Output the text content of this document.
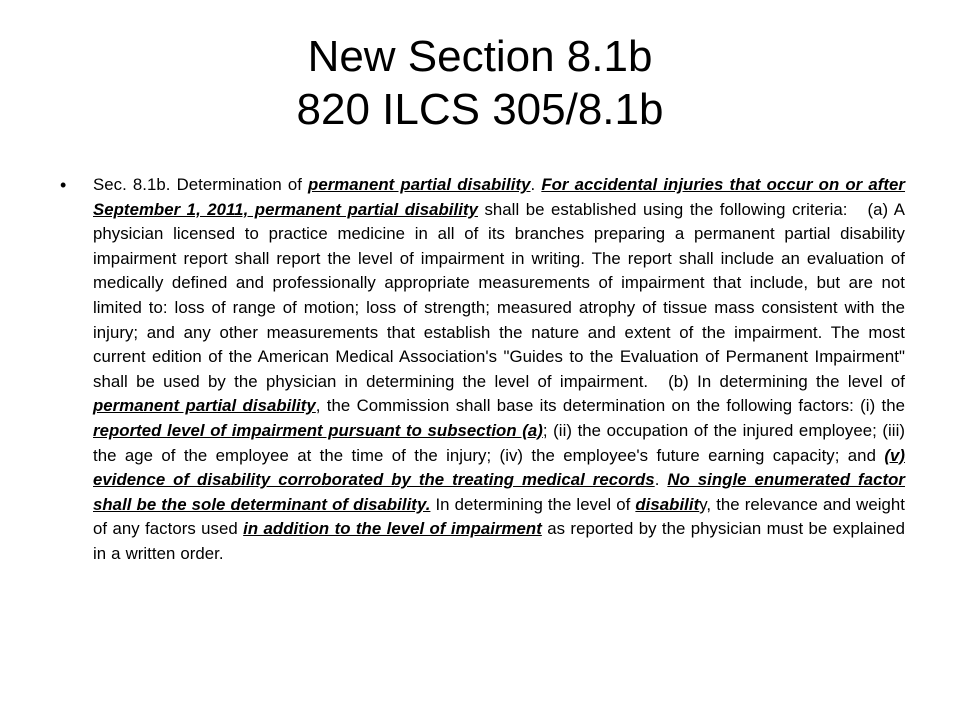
New Section 8.1b
820 ILCS 305/8.1b
•	Sec. 8.1b. Determination of permanent partial disability. For accidental injuries that occur on or after September 1, 2011, permanent partial disability shall be established using the following criteria: (a) A physician licensed to practice medicine in all of its branches preparing a permanent partial disability impairment report shall report the level of impairment in writing. The report shall include an evaluation of medically defined and professionally appropriate measurements of impairment that include, but are not limited to: loss of range of motion; loss of strength; measured atrophy of tissue mass consistent with the injury; and any other measurements that establish the nature and extent of the impairment. The most current edition of the American Medical Association's "Guides to the Evaluation of Permanent Impairment" shall be used by the physician in determining the level of impairment. (b) In determining the level of permanent partial disability, the Commission shall base its determination on the following factors: (i) the reported level of impairment pursuant to subsection (a); (ii) the occupation of the injured employee; (iii) the age of the employee at the time of the injury; (iv) the employee's future earning capacity; and (v) evidence of disability corroborated by the treating medical records. No single enumerated factor shall be the sole determinant of disability. In determining the level of disability, the relevance and weight of any factors used in addition to the level of impairment as reported by the physician must be explained in a written order.
